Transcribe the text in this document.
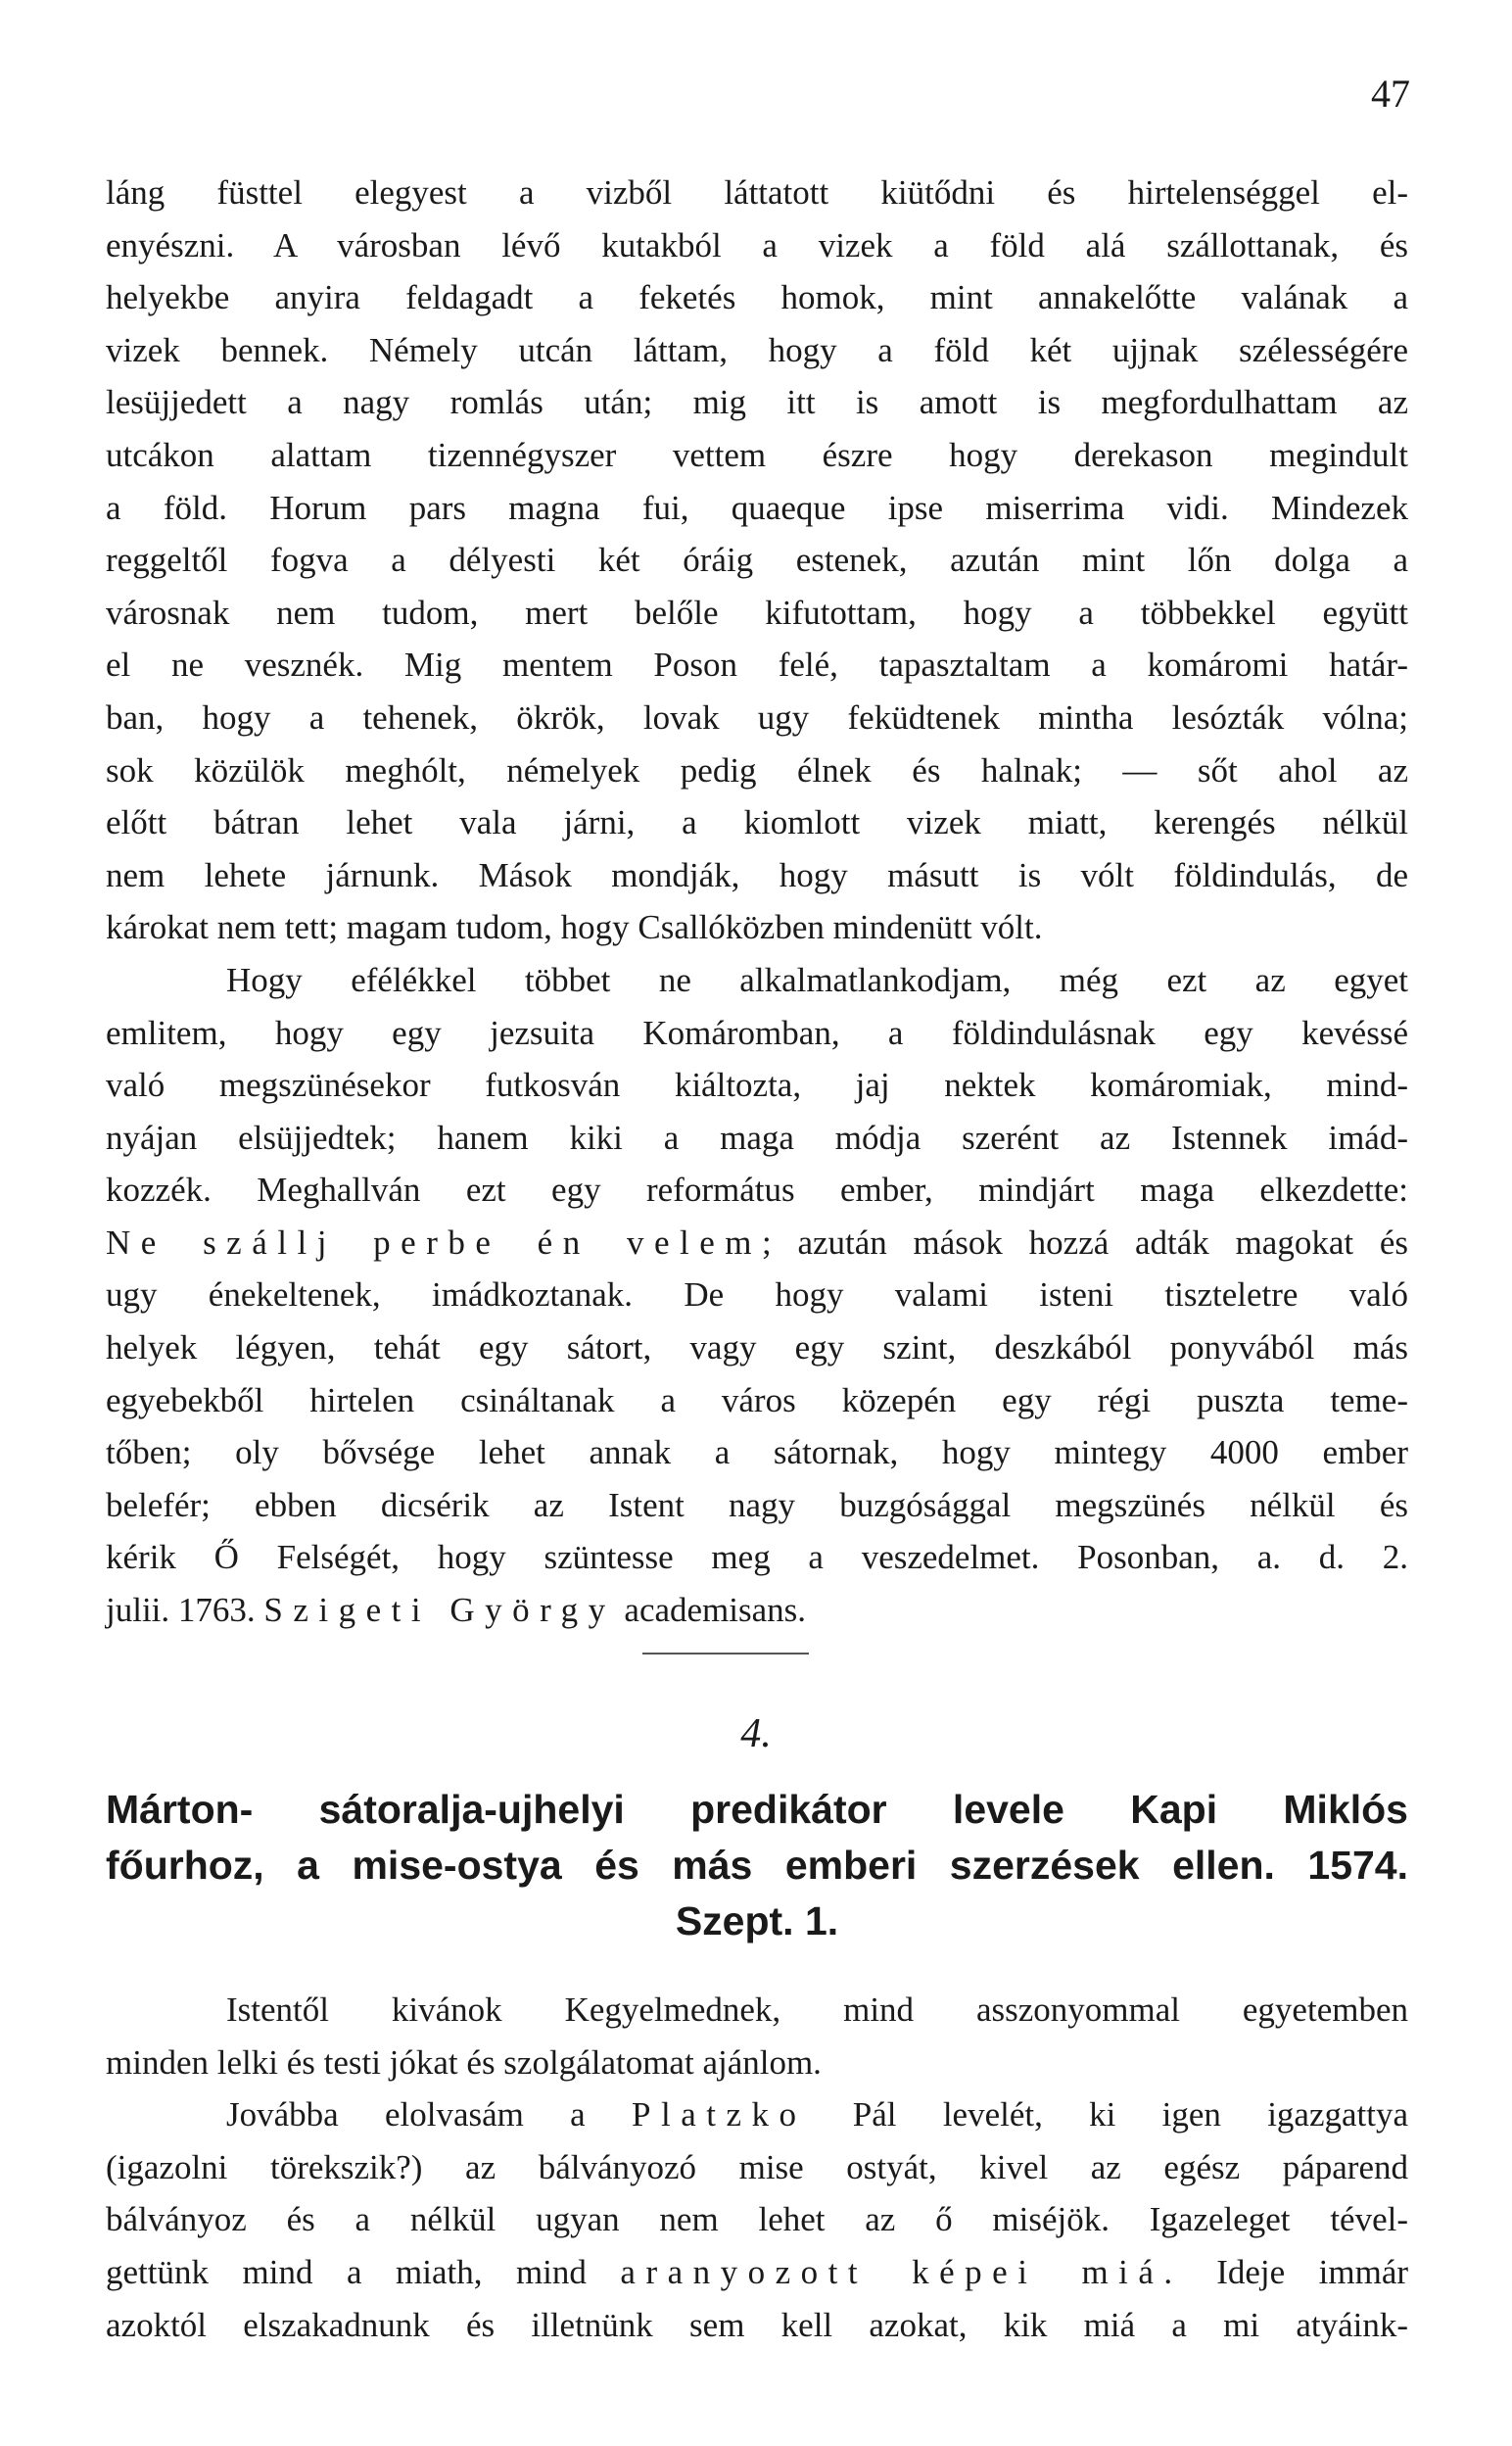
47
láng füsttel elegyest a vizből láttatott kiütődni és hirtelenséggel el-
enyészni. A városban lévő kutakból a vizek a föld alá szállottanak, és
helyekbe anyira feldagadt a feketés homok, mint annakelőtte valának a
vizek bennek. Némely utcán láttam, hogy a föld két ujjnak szélességére
lesüjjedett a nagy romlás után; mig itt is amott is megfordulhattam az
utcákon alattam tizennégyszer vettem észre hogy derekason megindult
a föld. Horum pars magna fui, quaeque ipse miserrima vidi. Mindezek
reggeltől fogva a délyesti két óráig estenek, azután mint lőn dolga a
városnak nem tudom, mert belőle kifutottam, hogy a többekkel együtt
el ne vesznék. Mig mentem Poson felé, tapasztaltam a komáromi határ-
ban, hogy a tehenek, ökrök, lovak ugy feküdtenek mintha lesózták vólna;
sok közülök meghólt, némelyek pedig élnek és halnak; — sőt ahol az
előtt bátran lehet vala járni, a kiomlott vizek miatt, kerengés nélkül
nem lehete járnunk. Mások mondják, hogy másutt is vólt földindulás, de
károkat nem tett; magam tudom, hogy Csallóközben mindenütt vólt.
Hogy efélékkel többet ne alkalmatlankodjam, még ezt az egyet
emlitem, hogy egy jezsuita Komáromban, a földindulásnak egy kevéssé
való megszünésekor futkosván kiáltozta, jaj nektek komáromiak, mind-
nyájan elsüjjedtek; hanem kiki a maga módja szerént az Istennek imád-
kozzék. Meghallván ezt egy református ember, mindjárt maga elkezdette:
Ne szállj perbe én velem; azután mások hozzá adták magokat és
ugy énekeltenek, imádkoztanak. De hogy valami isteni tiszteletre való
helyek légyen, tehát egy sátort, vagy egy szint, deszkából ponyvából más
egyebekből hirtelen csináltanak a város közepén egy régi puszta teme-
tőben; oly bővsége lehet annak a sátornak, hogy mintegy 4000 ember
belefér; ebben dicsérik az Istent nagy buzgósággal megszünés nélkül és
kérik Ő Felségét, hogy szüntesse meg a veszedelmet. Posonban, a. d. 2.
julii. 1763. Szigeti György academisans.
4.
Márton- sátoralja-ujhelyi predikátor levele Kapi Miklós
főurhoz, a mise-ostya és más emberi szerzések ellen. 1574.
Szept. 1.
Istentől kivánok Kegyelmednek, mind asszonyommal egyetemben
minden lelki és testi jókat és szolgálatomat ajánlom.
Jovábba elolvasám a Platzko Pál levelét, ki igen igazgattya
(igazolni törekszik?) az bálványozó mise ostyát, kivel az egész páparend
bálványoz és a nélkül ugyan nem lehet az ő miséjök. Igazeleget tével-
gettünk mind a miath, mind aranyozott képei miá. Ideje immár
azoktól elszakadnunk és illetnünk sem kell azokat, kik miá a mi atyáink-
